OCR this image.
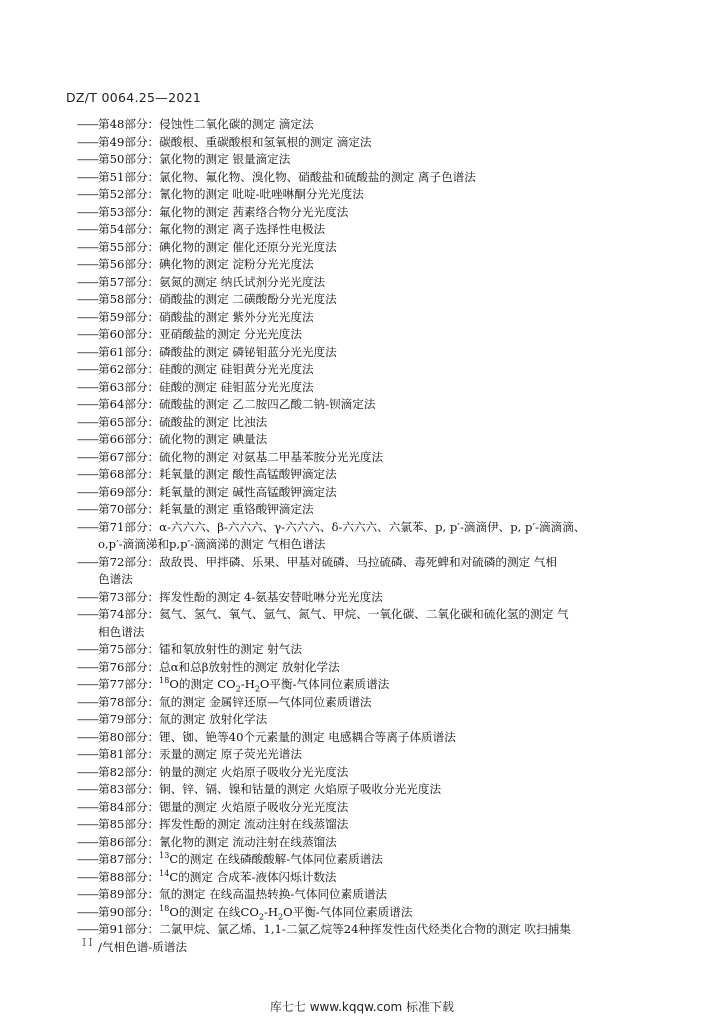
DZ/T 0064.25—2021
——第48部分：侵蚀性二氧化碳的测定 滴定法
——第49部分：碳酸根、重碳酸根和氢氧根的测定 滴定法
——第50部分：氯化物的测定 银量滴定法
——第51部分：氯化物、氟化物、溴化物、硝酸盐和硫酸盐的测定 离子色谱法
——第52部分：氰化物的测定 吡啶-吡唑啉酮分光光度法
——第53部分：氟化物的测定 茜素络合物分光光度法
——第54部分：氟化物的测定 离子选择性电极法
——第55部分：碘化物的测定 催化还原分光光度法
——第56部分：碘化物的测定 淀粉分光光度法
——第57部分：氨氮的测定 纳氏试剂分光光度法
——第58部分：硝酸盐的测定 二磺酸酚分光光度法
——第59部分：硝酸盐的测定 紫外分光光度法
——第60部分：亚硝酸盐的测定 分光光度法
——第61部分：磷酸盐的测定 磷铋钼蓝分光光度法
——第62部分：硅酸的测定 硅钼黄分光光度法
——第63部分：硅酸的测定 硅钼蓝分光光度法
——第64部分：硫酸盐的测定 乙二胺四乙酸二钠-钡滴定法
——第65部分：硫酸盐的测定 比浊法
——第66部分：硫化物的测定 碘量法
——第67部分：硫化物的测定 对氨基二甲基苯胺分光光度法
——第68部分：耗氧量的测定 酸性高锰酸钾滴定法
——第69部分：耗氧量的测定 碱性高锰酸钾滴定法
——第70部分：耗氧量的测定 重铬酸钾滴定法
——第71部分：α-六六六、β-六六六、γ-六六六、δ-六六六、六氯苯、p, p′-滴滴伊、p, p′-滴滴滴、
o,p′-滴滴涕和p,p′-滴滴涕的测定 气相色谱法
——第72部分：敌敌畏、甲拌磷、乐果、甲基对硫磷、马拉硫磷、毒死蜱和对硫磷的测定 气相
色谱法
——第73部分：挥发性酚的测定 4-氨基安替吡啉分光光度法
——第74部分：氦气、氢气、氧气、氩气、氮气、甲烷、一氧化碳、二氧化碳和硫化氢的测定 气
相色谱法
——第75部分：镭和氡放射性的测定 射气法
——第76部分：总α和总β放射性的测定 放射化学法
——第77部分：$^{18}$O的测定 $CO_2-H_2O$平衡-气体同位素质谱法
——第78部分：氚的测定 金属锌还原—气体同位素质谱法
——第79部分：氚的测定 放射化学法
——第80部分：锂、铷、铯等40个元素量的测定 电感耦合等离子体质谱法
——第81部分：汞量的测定 原子荧光光谱法
——第82部分：钠量的测定 火焰原子吸收分光光度法
——第83部分：铜、锌、镉、镍和钴量的测定 火焰原子吸收分光光度法
——第84部分：锶量的测定 火焰原子吸收分光光度法
——第85部分：挥发性酚的测定 流动注射在线蒸馏法
——第86部分：氰化物的测定 流动注射在线蒸馏法
——第87部分：$^{13}$C的测定 在线磷酸酸解-气体同位素质谱法
——第88部分：$^{14}$C的测定 合成苯-液体闪烁计数法
——第89部分：氚的测定 在线高温热转换-气体同位素质谱法
——第90部分：$^{18}$O的测定 在线$CO_2-H_2O$平衡-气体同位素质谱法
——第91部分：二氯甲烷、氯乙烯、1,1-二氯乙烷等24种挥发性卤代烃类化合物的测定 吹扫捕集
/气相色谱-质谱法
II
库七七 www.kqqw.com 标准下载
